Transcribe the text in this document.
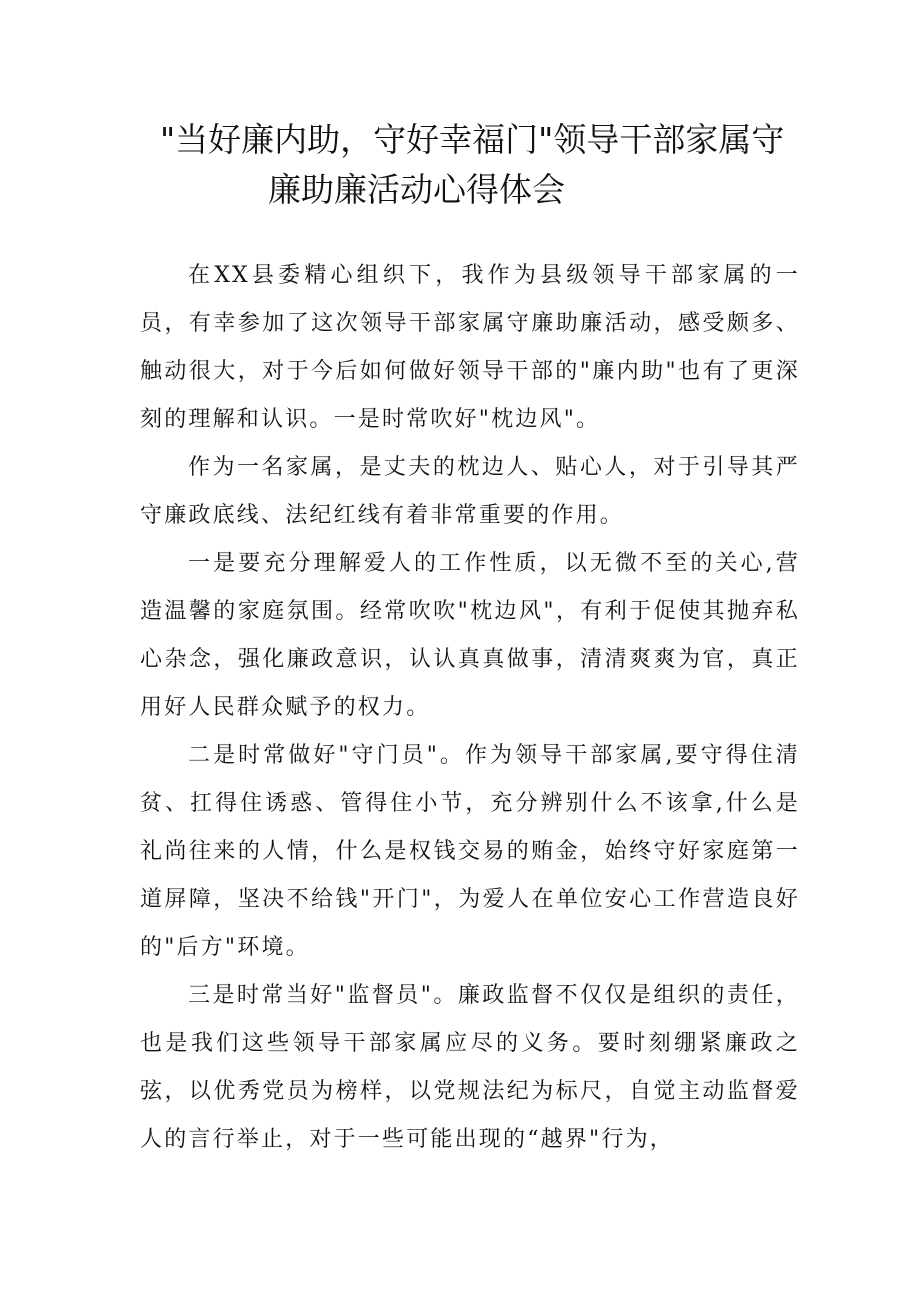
"当好廉内助，守好幸福门"领导干部家属守
廉助廉活动心得体会

在XX县委精心组织下，我作为县级领导干部家属的一员，有幸参加了这次领导干部家属守廉助廉活动，感受颇多、触动很大，对于今后如何做好领导干部的"廉内助"也有了更深刻的理解和认识。一是时常吹好"枕边风"。

作为一名家属，是丈夫的枕边人、贴心人，对于引导其严守廉政底线、法纪红线有着非常重要的作用。

一是要充分理解爱人的工作性质，以无微不至的关心,营造温馨的家庭氛围。经常吹吹"枕边风"，有利于促使其抛弃私心杂念，强化廉政意识，认认真真做事，清清爽爽为官，真正用好人民群众赋予的权力。

二是时常做好"守门员"。作为领导干部家属,要守得住清贫、扛得住诱惑、管得住小节，充分辨别什么不该拿,什么是礼尚往来的人情，什么是权钱交易的贿金，始终守好家庭第一道屏障，坚决不给钱"开门"，为爱人在单位安心工作营造良好的"后方"环境。

三是时常当好"监督员"。廉政监督不仅仅是组织的责任，也是我们这些领导干部家属应尽的义务。要时刻绷紧廉政之弦，以优秀党员为榜样，以党规法纪为标尺，自觉主动监督爱人的言行举止，对于一些可能出现的“越界"行为，
